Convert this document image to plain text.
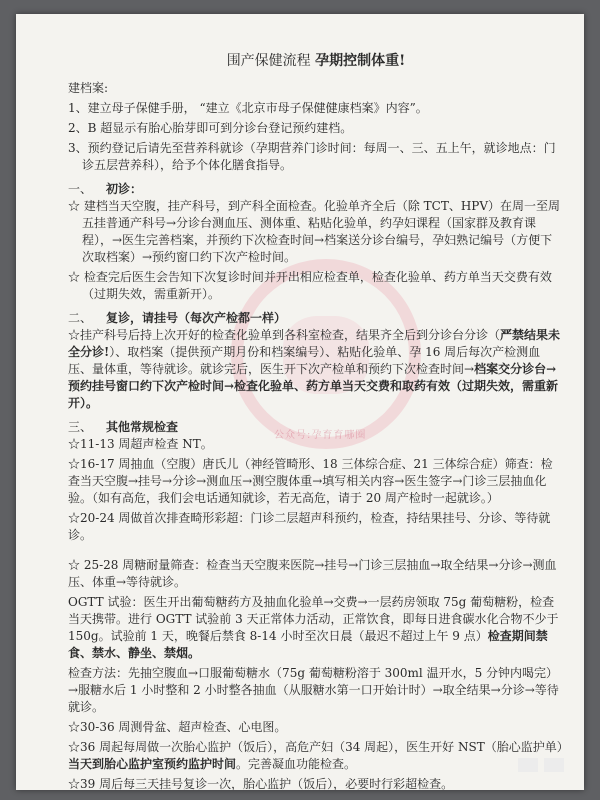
公众号:孕育育哪圈
围产保健流程 孕期控制体重!
建档案:
1、建立母子保健手册， “建立《北京市母子保健健康档案》内容”。
2、B 超显示有胎心胎芽即可到分诊台登记预约建档。
3、预约登记后请先至营养科就诊（孕期营养门诊时间：每周一、三、五上午，就诊地点：门诊五层营养科），给予个体化膳食指导。
一、 初诊：
☆ 建档当天空腹，挂产科号，到产科全面检查。化验单齐全后（除 TCT、HPV）在周一至周五挂普通产科号→分诊台测血压、测体重、粘贴化验单，约孕妇课程（国家群及教育课程），→医生完善档案，并预约下次检查时间→档案送分诊台编号，孕妇熟记编号（方便下次取档案）→预约窗口约下次产检时间。
☆ 检查完后医生会告知下次复诊时间并开出相应检查单，检查化验单、药方单当天交费有效（过期失效，需重新开）。
二、 复诊，请挂号（每次产检都一样）
☆挂产科号后持上次开好的检查化验单到各科室检查，结果齐全后到分诊台分诊（严禁结果未全分诊!）、取档案（提供预产期月份和档案编号）、粘贴化验单、孕 16 周后每次产检测血压、量体重，等待就诊。就诊完后，医生开下次产检单和预约下次检查时间→档案交分诊台→预约挂号窗口约下次产检时间→检查化验单、药方单当天交费和取药有效（过期失效，需重新开）。
三、 其他常规检查
☆11-13 周超声检查 NT。
☆16-17 周抽血（空腹）唐氏儿（神经管畸形、18 三体综合症、21 三体综合症）筛查：检查当天空腹→挂号→分诊→测血压→测空腹体重→填写相关内容→医生签字→门诊三层抽血化验。（如有高危，我们会电话通知就诊，若无高危，请于 20 周产检时一起就诊。）
☆20-24 周做首次排查畸形彩超：门诊二层超声科预约，检查，持结果挂号、分诊、等待就诊。
☆ 25-28 周糖耐量筛查：检查当天空腹来医院→挂号→门诊三层抽血→取全结果→分诊→测血压、体重→等待就诊。
OGTT 试验：医生开出葡萄糖药方及抽血化验单→交费→一层药房领取 75g 葡萄糖粉，检查当天携带。进行 OGTT 试验前 3 天正常体力活动，正常饮食，即每日进食碳水化合物不少于 150g。试验前 1 天，晚餐后禁食 8-14 小时至次日晨（最迟不超过上午 9 点）检查期间禁食、禁水、静坐、禁烟。
检查方法：先抽空腹血→口服葡萄糖水（75g 葡萄糖粉溶于 300ml 温开水，5 分钟内喝完）→服糖水后 1 小时整和 2 小时整各抽血（从服糖水第一口开始计时）→取全结果→分诊→等待就诊。
☆30-36 周测骨盆、超声检查、心电图。
☆36 周起每周做一次胎心监护（饭后），高危产妇（34 周起），医生开好 NST（胎心监护单）当天到胎心监护室预约监护时间。完善凝血功能检查。
☆39 周后每三天挂号复诊一次，胎心监护（饭后），必要时行彩超检查。
